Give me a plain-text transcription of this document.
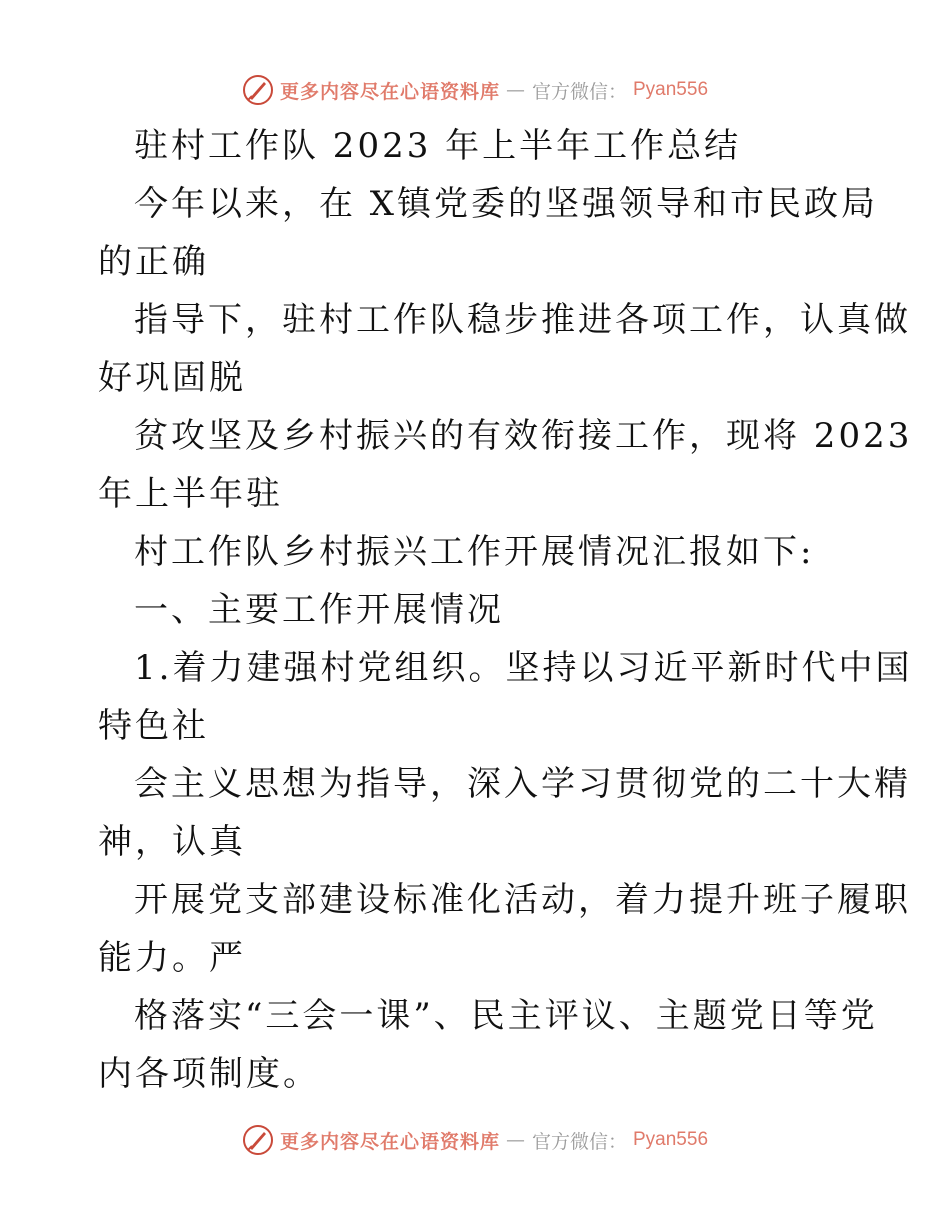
更多内容尽在心语资料库 — 官方微信： Pyan556
驻村工作队 2023 年上半年工作总结
今年以来，在 X镇党委的坚强领导和市民政局
的正确
指导下，驻村工作队稳步推进各项工作，认真做
好巩固脱
贫攻坚及乡村振兴的有效衔接工作，现将 2023
年上半年驻
村工作队乡村振兴工作开展情况汇报如下:
一、主要工作开展情况
1.着力建强村党组织。坚持以习近平新时代中国
特色社
会主义思想为指导，深入学习贯彻党的二十大精
神，认真
开展党支部建设标准化活动，着力提升班子履职
能力。严
格落实“三会一课”、民主评议、主题党日等党
内各项制度。
更多内容尽在心语资料库 — 官方微信： Pyan556
